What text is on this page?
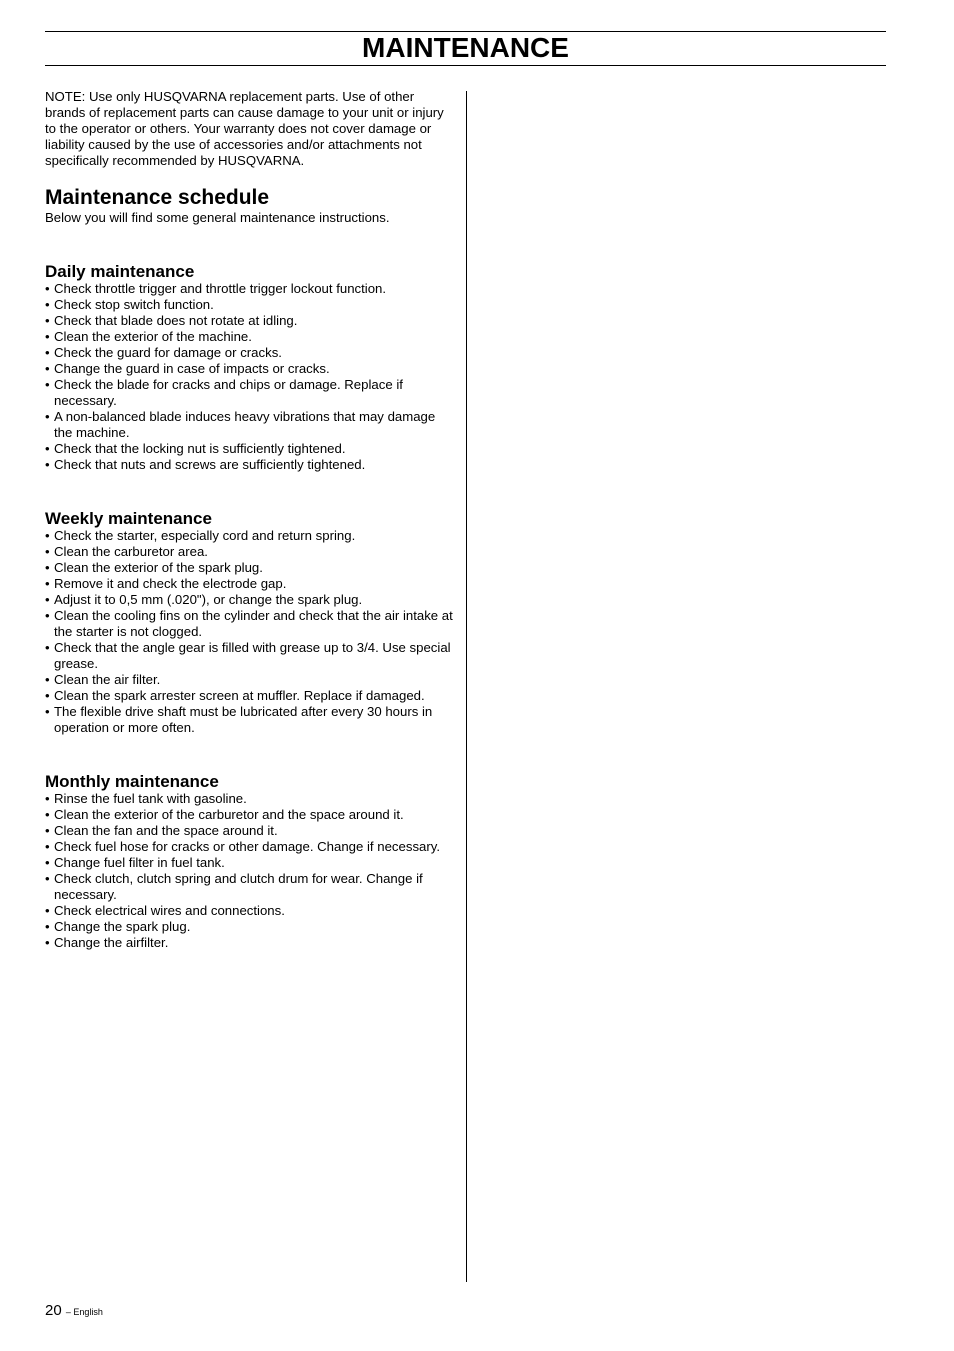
MAINTENANCE

NOTE: Use only HUSQVARNA replacement parts. Use of other brands of replacement parts can cause damage to your unit or injury to the operator or others. Your warranty does not cover damage or liability caused by the use of accessories and/or attachments not specifically recommended by HUSQVARNA.

Maintenance schedule

Below you will find some general maintenance instructions.

Daily maintenance
• Check throttle trigger and throttle trigger lockout function.
• Check stop switch function.
• Check that blade does not rotate at idling.
• Clean the exterior of the machine.
• Check the guard for damage or cracks.
• Change the guard in case of impacts or cracks.
• Check the blade for cracks and chips or damage. Replace if necessary.
• A non-balanced blade induces heavy vibrations that may damage the machine.
• Check that the locking nut is sufficiently tightened.
• Check that nuts and screws are sufficiently tightened.
Weekly maintenance
• Check the starter, especially cord and return spring.
• Clean the carburetor area.
• Clean the exterior of the spark plug.
• Remove it and check the electrode gap.
• Adjust it to 0,5 mm (.020"), or change the spark plug.
• Clean the cooling fins on the cylinder and check that the air intake at the starter is not clogged.
• Check that the angle gear is filled with grease up to 3/4. Use special grease.
• Clean the air filter.
• Clean the spark arrester screen at muffler. Replace if damaged.
• The flexible drive shaft must be lubricated after every 30 hours in operation or more often.
Monthly maintenance
• Rinse the fuel tank with gasoline.
• Clean the exterior of the carburetor and the space around it.
• Clean the fan and the space around it.
• Check fuel hose for cracks or other damage. Change if necessary.
• Change fuel filter in fuel tank.
• Check clutch, clutch spring and clutch drum for wear. Change if necessary.
• Check electrical wires and connections.
• Change the spark plug.
• Change the airfilter.
20 – English
